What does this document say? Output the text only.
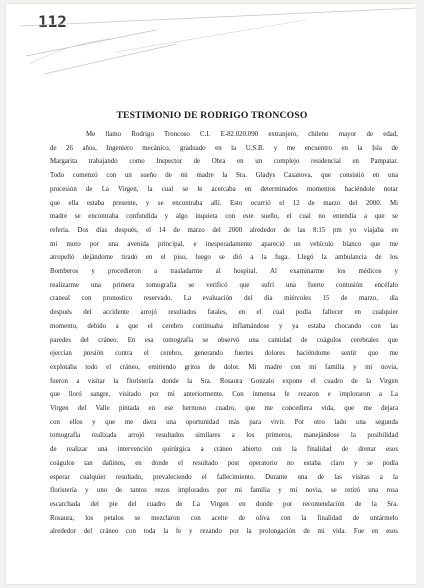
112
TESTIMONIO DE RODRIGO TRONCOSO
Me llamo Rodrigo Troncoso C.I. E-82.020.090 extranjero, chileno mayor de edad,
de 26 años, Ingeniero mecánico, graduado en la U.S.B. y me encuentro en la Isla de
Margarita trabajando como Inspector de Obra en un complejo residencial en Pampatar.
Todo comenzó con un sueño de mi madre la Sra. Gladys Casanova, que consistió en una
procesión de La Virgen, la cual se le acercaba en determinados momentos haciéndole notar
que ella estaba presente, y se encontraba allí. Esto ocurrió el 12 de marzo del 2000. Mi
madre se encontraba confundida y algo inquieta con este sueño, el cual no entendía a que se
refería. Dos días después, el 14 de marzo del 2000 alrededor de las 8:15 pm yo viajaba en
mi moto por una avenida principal, e inesperadamente apareció un vehículo blanco que me
atropelló dejándome tirado en el piso, luego se dió a la fuga. Llegó la ambulancia de los
Bomberos y procedieron a trasladarme al hospital. Al examinarme los médicos y
realizarme una primera tomografía se verificó que sufrí una fuerte contusión encéfalo
craneal con pronostico reservado. La evaluación del día miércoles 15 de marzo, día
después del accidente arrojó resultados fatales, en el cual podía fallecer en cualquier
momento, debido a que el cerebro continuaba inflamándose y ya estaba chocando con las
paredes del cráneo. En esa tomografía se observó una cantidad de coágulos cerebrales que
ejercían presión contra el cerebro, generando fuertes dolores haciéndome sentir que me
explotaba todo el cráneo, emitiendo gritos de dolor. Mi madre con mi familia y mi novia,
fueron a visitar la floristería donde la Sra. Rosaura Gonzalo expone el cuadro de la Virgen
que lloró sangre, visitado por mi anteriormente. Con inmensa fe rezaron e imploraron a La
Virgen del Valle pintada en ese hermoso cuadro, que me concediera vida, que me dejara
con ellos y que me diera una oportunidad más para vivir. Por otro lado una segunda
tomografía realizada arrojó resultados similares a los primeros, manejándose la posibilidad
de realizar una intervención quirúrgica a cráneo abierto con la finalidad de drenar esos
coágulos tan dañinos, en donde el resultado post operatorio no estaba claro y se podía
esperar cualquier resultado, prevaleciendo el fallecimiento. Durante una de las visitas a la
floristería y uno de tantos rezos implorados por mi familia y mi novia, se retiró una rosa
escarchada del pie del cuadro de La Virgen en donde por recomendación de la Sra.
Rosaura, los petalos se mezclaron con aceite de oliva con la finalidad de untármelo
alrededor del cráneo con toda la fe y rezando por la prolongación de mi vida. Fue en esos
